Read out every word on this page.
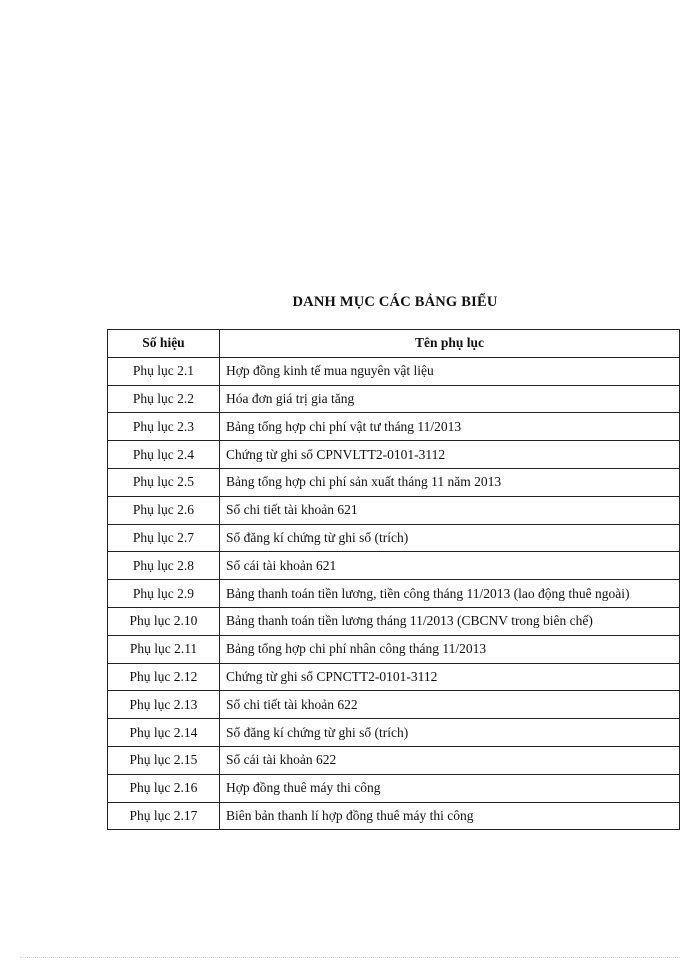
DANH MỤC CÁC BẢNG BIỂU
Số hiệu	Tên phụ lục
Phụ lục 2.1	Hợp đồng kinh tế mua nguyên vật liệu
Phụ lục 2.2	Hóa đơn giá trị gia tăng
Phụ lục 2.3	Bảng tổng hợp chi phí vật tư tháng 11/2013
Phụ lục 2.4	Chứng từ ghi sổ CPNVLTT2-0101-3112
Phụ lục 2.5	Bảng tổng hợp chi phí sản xuất tháng 11 năm 2013
Phụ lục 2.6	Sổ chi tiết tài khoản 621
Phụ lục 2.7	Sổ đăng kí chứng từ ghi sổ (trích)
Phụ lục 2.8	Sổ cái tài khoản 621
Phụ lục 2.9	Bảng thanh toán tiền lương, tiền công tháng 11/2013 (lao động thuê ngoài)
Phụ lục 2.10	Bảng thanh toán tiền lương tháng 11/2013 (CBCNV trong biên chế)
Phụ lục 2.11	Bảng tổng hợp chi phí nhân công tháng 11/2013
Phụ lục 2.12	Chứng từ ghi sổ CPNCTT2-0101-3112
Phụ lục 2.13	Sổ chi tiết tài khoản 622
Phụ lục 2.14	Sổ đăng kí chứng từ ghi sổ (trích)
Phụ lục 2.15	Sổ cái tài khoản 622
Phụ lục 2.16	Hợp đồng thuê máy thi công
Phụ lục 2.17	Biên bản thanh lí hợp đồng thuê máy thi công
